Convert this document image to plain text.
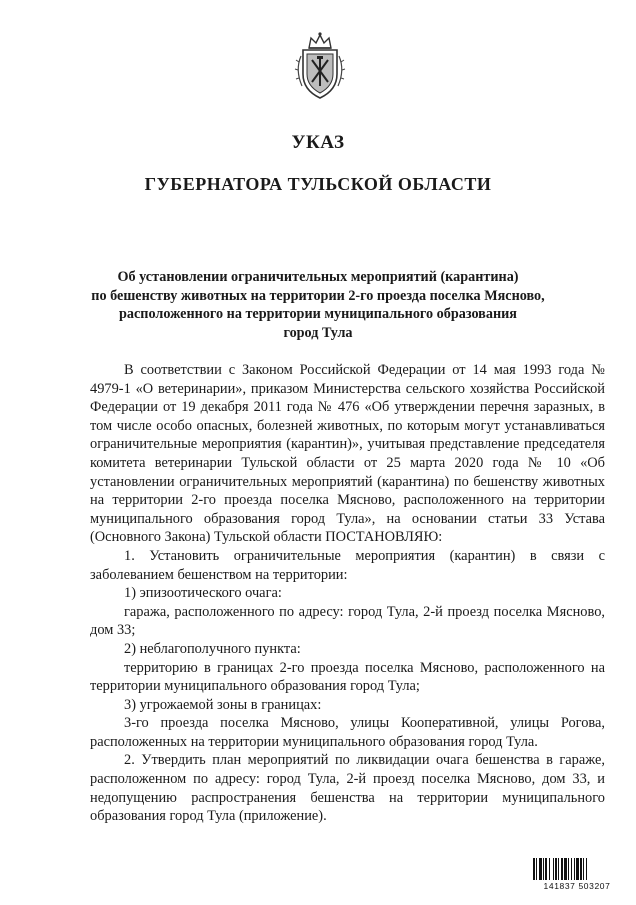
УКАЗ
ГУБЕРНАТОРА ТУЛЬСКОЙ ОБЛАСТИ
Об установлении ограничительных мероприятий (карантина)
по бешенству животных на территории 2-го проезда поселка Мясново,
расположенного на территории муниципального образования
город Тула

В соответствии с Законом Российской Федерации от 14 мая 1993 года № 4979-1 «О ветеринарии», приказом Министерства сельского хозяйства Российской Федерации от 19 декабря 2011 года № 476 «Об утверждении перечня заразных, в том числе особо опасных, болезней животных, по которым могут устанавливаться ограничительные мероприятия (карантин)», учитывая представление председателя комитета ветеринарии Тульской области от 25 марта 2020 года № 10 «Об установлении ограничительных мероприятий (карантина) по бешенству животных на территории 2-го проезда поселка Мясново, расположенного на территории муниципального образования город Тула», на основании статьи 33 Устава (Основного Закона) Тульской области ПОСТАНОВЛЯЮ:

1. Установить ограничительные мероприятия (карантин) в связи с заболеванием бешенством на территории:

1) эпизоотического очага:

гаража, расположенного по адресу: город Тула, 2-й проезд поселка Мясново, дом 33;

2) неблагополучного пункта:

территорию в границах 2-го проезда поселка Мясново, расположенного на территории муниципального образования город Тула;

3) угрожаемой зоны в границах:

3-го проезда поселка Мясново, улицы Кооперативной, улицы Рогова, расположенных на территории муниципального образования город Тула.

2. Утвердить план мероприятий по ликвидации очага бешенства в гараже, расположенном по адресу: город Тула, 2-й проезд поселка Мясново, дом 33, и недопущению распространения бешенства на территории муниципального образования город Тула (приложение).

141837 503207
